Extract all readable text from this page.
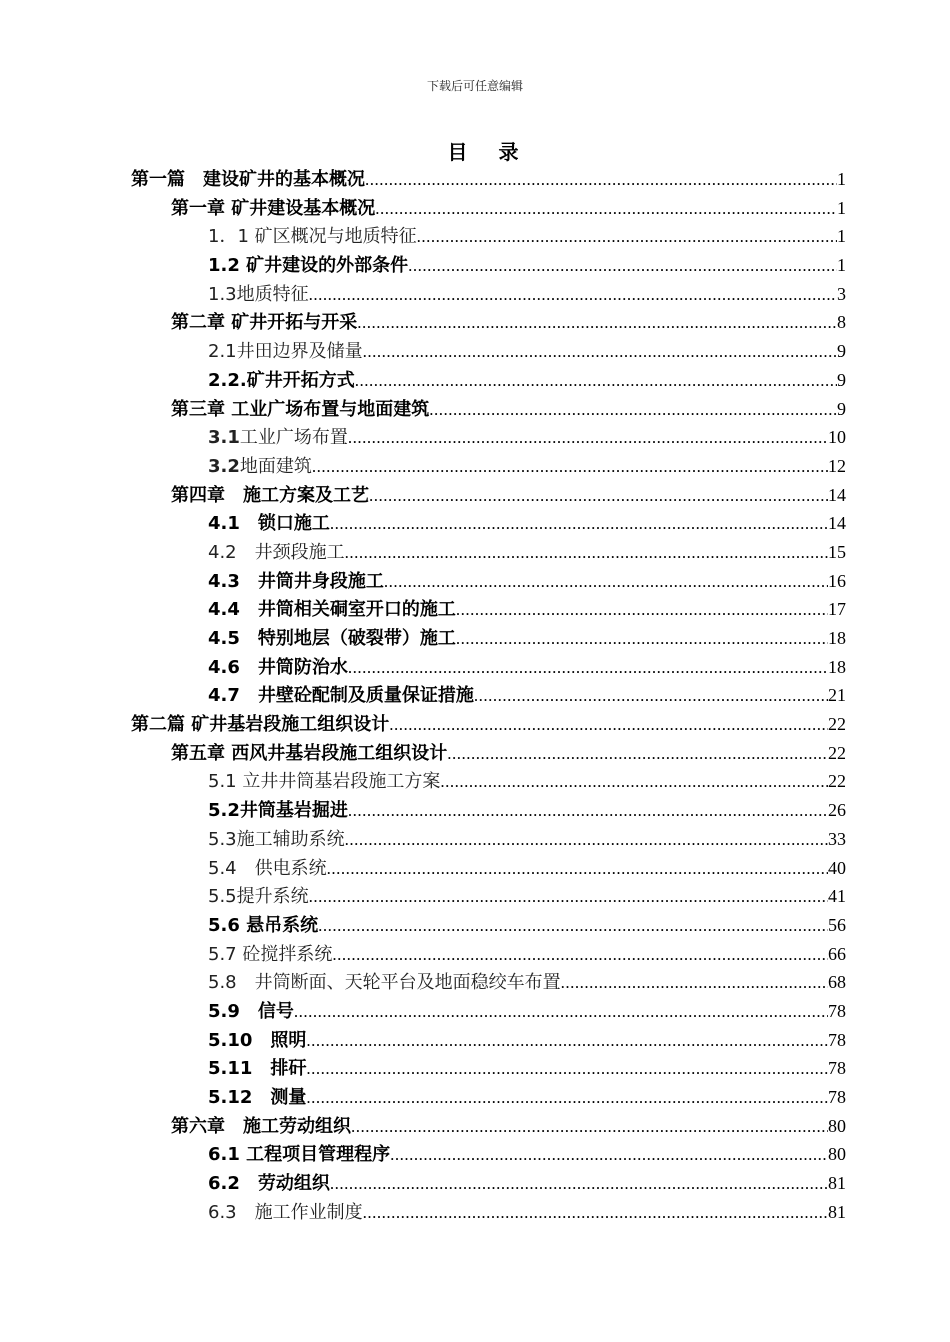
下载后可任意编辑
目 录
第一篇　建设矿井的基本概况 .....	1
第一章 矿井建设基本概况 .....	1
1．1 矿区概况与地质特征 .....	1
1.2 矿井建设的外部条件 .....	1
1.3地质特征 .....	3
第二章 矿井开拓与开采 .....	8
2.1井田边界及储量 .....	9
2.2.矿井开拓方式 .....	9
第三章 工业广场布置与地面建筑 .....	9
3.1工业广场布置 .....	10
3.2地面建筑 .....	12
第四章　施工方案及工艺 .....	14
4.1　锁口施工 .....	14
4.2　井颈段施工 .....	15
4.3　井筒井身段施工 .....	16
4.4　井筒相关硐室开口的施工 .....	17
4.5　特别地层（破裂带）施工 .....	18
4.6　井筒防治水 .....	18
4.7　井壁砼配制及质量保证措施 .....	21
第二篇 矿井基岩段施工组织设计 .....	22
第五章 西风井基岩段施工组织设计 .....	22
5.1 立井井筒基岩段施工方案 .....	22
5.2井筒基岩掘进 .....	26
5.3施工辅助系统 .....	33
5.4　供电系统 .....	40
5.5提升系统 .....	41
5.6 悬吊系统 .....	56
5.7 砼搅拌系统 .....	66
5.8　井筒断面、天轮平台及地面稳绞车布置 .....	68
5.9　信号 .....	78
5.10　照明 .....	78
5.11　排矸 .....	78
5.12　测量 .....	78
第六章　施工劳动组织 .....	80
6.1 工程项目管理程序 .....	80
6.2　劳动组织 .....	81
6.3　施工作业制度 .....	81
